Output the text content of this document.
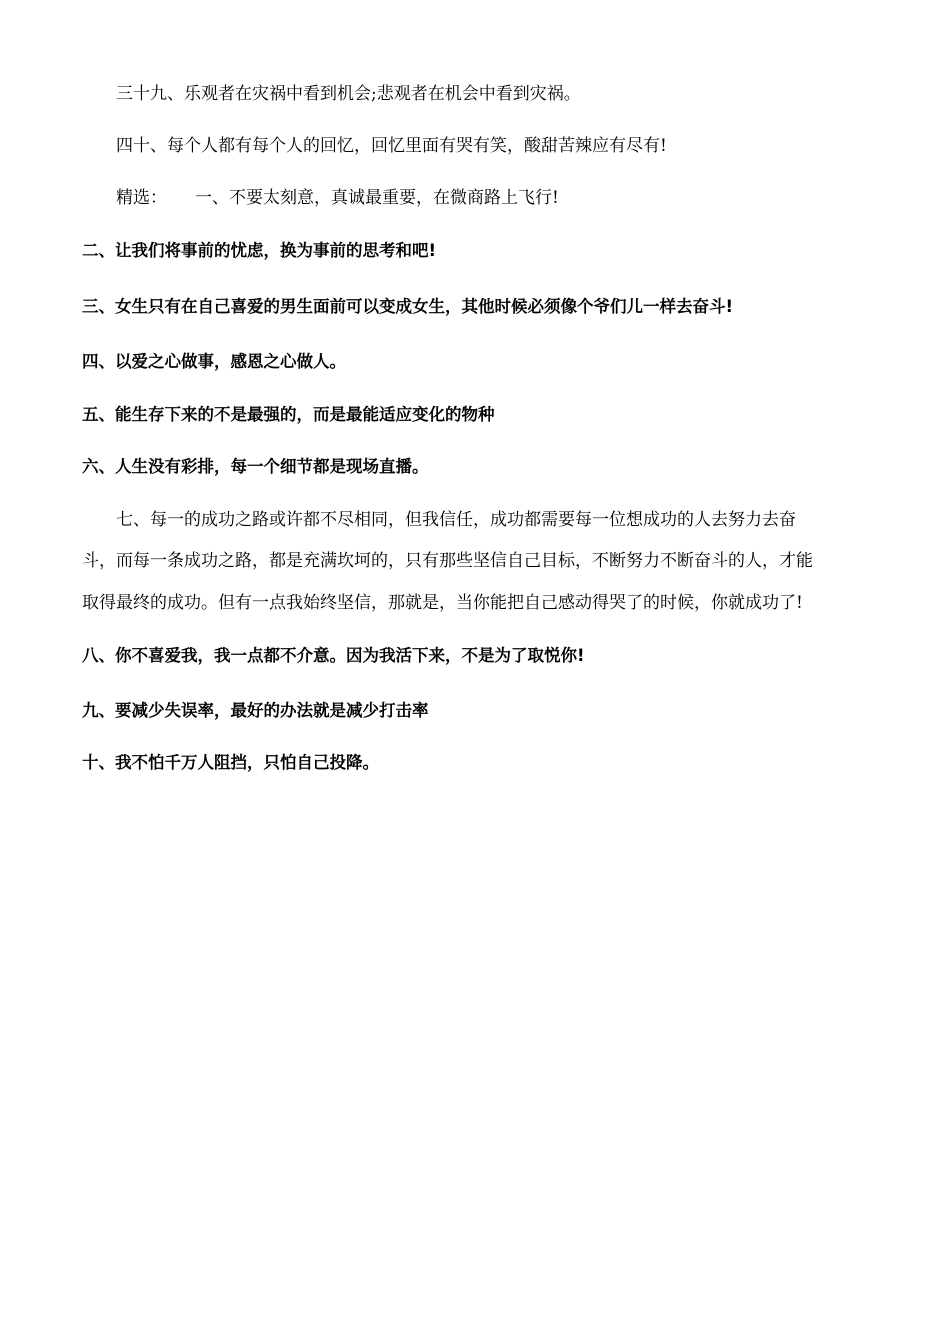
三十九、乐观者在灾祸中看到机会;悲观者在机会中看到灾祸。
四十、每个人都有每个人的回忆，回忆里面有哭有笑，酸甜苦辣应有尽有!
精选： 一、不要太刻意，真诚最重要，在微商路上飞行!
二、让我们将事前的忧虑，换为事前的思考和吧!
三、女生只有在自己喜爱的男生面前可以变成女生，其他时候必须像个爷们儿一样去奋斗!
四、以爱之心做事，感恩之心做人。
五、能生存下来的不是最强的，而是最能适应变化的物种
六、人生没有彩排，每一个细节都是现场直播。
七、每一的成功之路或许都不尽相同，但我信任，成功都需要每一位想成功的人去努力去奋
斗，而每一条成功之路，都是充满坎坷的，只有那些坚信自己目标，不断努力不断奋斗的人，才能
取得最终的成功。但有一点我始终坚信，那就是，当你能把自己感动得哭了的时候，你就成功了!
八、你不喜爱我，我一点都不介意。因为我活下来，不是为了取悦你!
九、要减少失误率，最好的办法就是减少打击率
十、我不怕千万人阻挡，只怕自己投降。
